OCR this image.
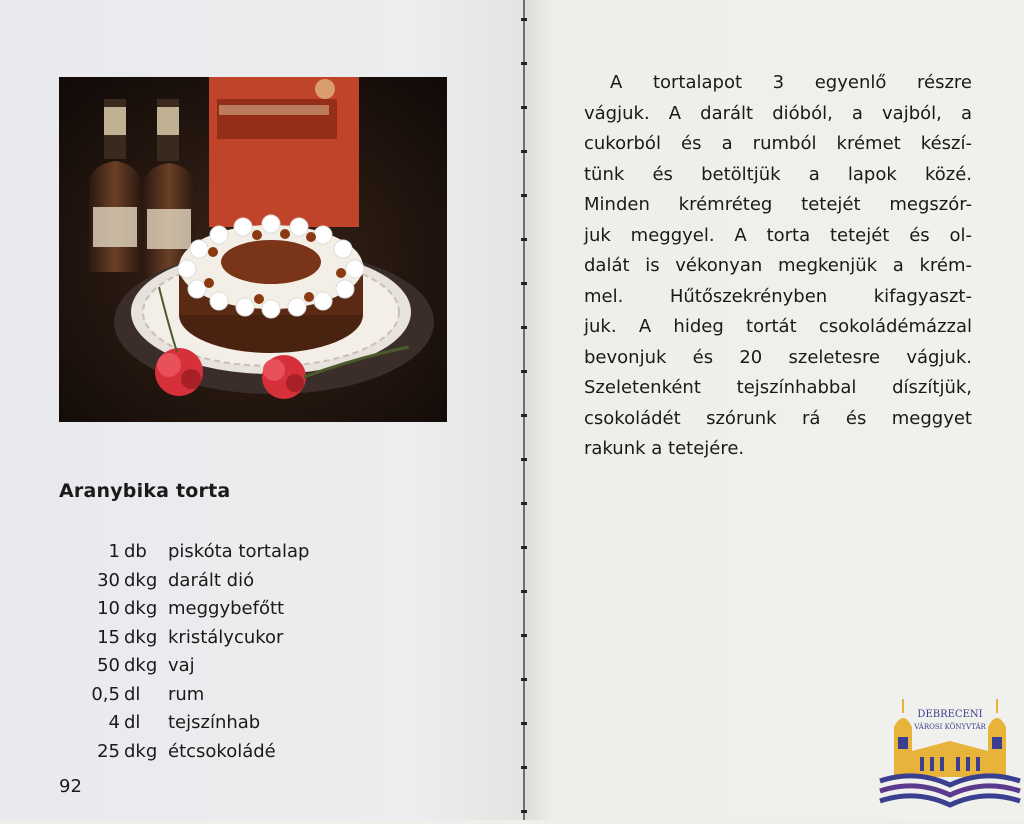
Aranybika torta
1 db piskóta tortalap
30 dkg darált dió
10 dkg meggybefőtt
15 dkg kristálycukor
50 dkg vaj
0,5 dl rum
4 dl tejszínhab
25 dkg étcsokoládé
92
A tortalapot 3 egyenlő részre
vágjuk. A darált dióból, a vajból, a
cukorból és a rumból krémet készí-
tünk és betöltjük a lapok közé.
Minden krémréteg tetejét megszór-
juk meggyel. A torta tetejét és ol-
dalát is vékonyan megkenjük a krém-
mel. Hűtőszekrényben kifagyaszt-
juk. A hideg tortát csokoládémázzal
bevonjuk és 20 szeletesre vágjuk.
Szeletenként tejszínhabbal díszítjük,
csokoládét szórunk rá és meggyet
rakunk a tetejére.
DEBRECENI
VÁROSI KÖNYVTÁR
